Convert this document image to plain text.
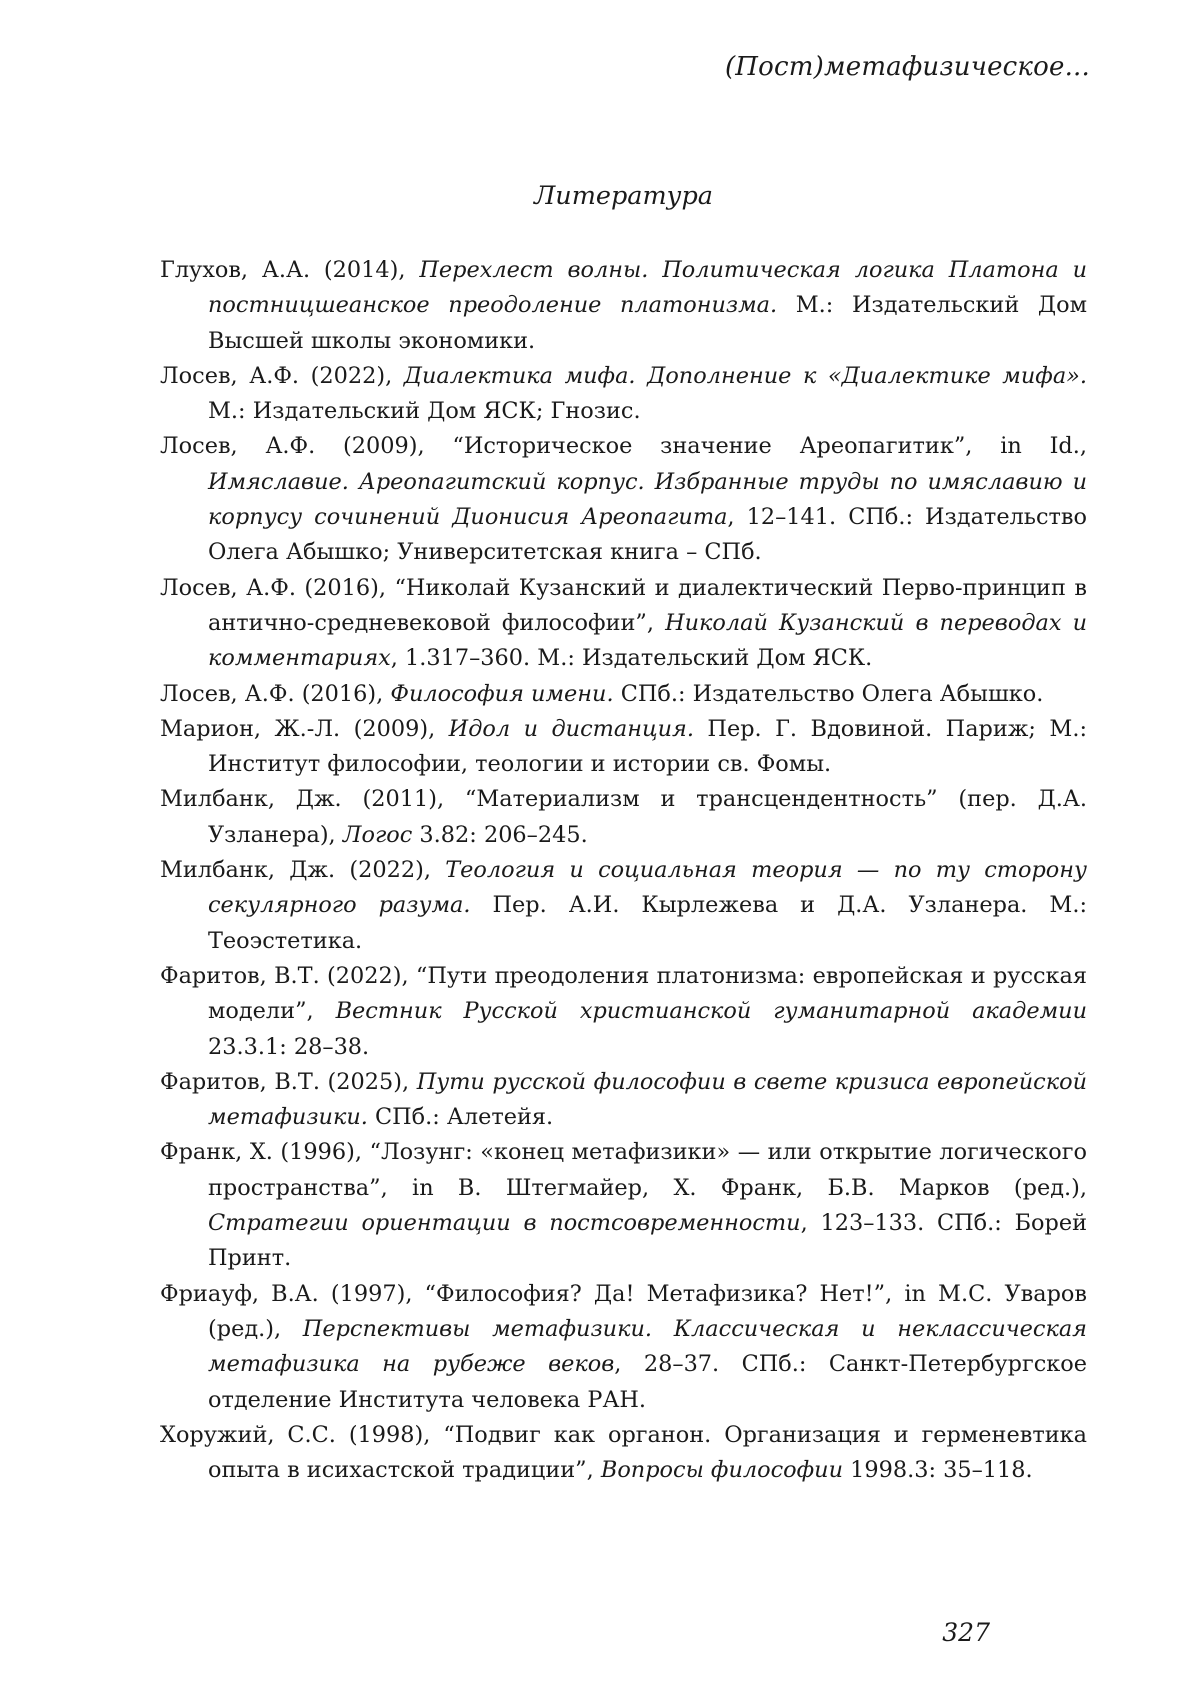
(Пост)метафизическое...
Литература
Глухов, А.А. (2014), Перехлест волны. Политическая логика Платона и постницшеанское преодоление платонизма. М.: Издательский Дом Высшей школы экономики.
Лосев, А.Ф. (2022), Диалектика мифа. Дополнение к «Диалектике мифа». М.: Издательский Дом ЯСК; Гнозис.
Лосев, А.Ф. (2009), “Историческое значение Ареопагитик”, in Id., Имяславие. Ареопагитский корпус. Избранные труды по имяславию и корпусу сочинений Дионисия Ареопагита, 12–141. СПб.: Издательство Олега Абышко; Университетская книга – СПб.
Лосев, А.Ф. (2016), “Николай Кузанский и диалектический Перво-принцип в антично-средневековой философии”, Николай Кузанский в переводах и комментариях, 1.317–360. М.: Издательский Дом ЯСК.
Лосев, А.Ф. (2016), Философия имени. СПб.: Издательство Олега Абышко.
Марион, Ж.-Л. (2009), Идол и дистанция. Пер. Г. Вдовиной. Париж; М.: Институт философии, теологии и истории св. Фомы.
Милбанк, Дж. (2011), “Материализм и трансцендентность” (пер. Д.А. Узланера), Логос 3.82: 206–245.
Милбанк, Дж. (2022), Теология и социальная теория — по ту сторону секулярного разума. Пер. А.И. Кырлежева и Д.А. Узланера. М.: Теоэстетика.
Фаритов, В.Т. (2022), “Пути преодоления платонизма: европейская и русская модели”, Вестник Русской христианской гуманитарной академии 23.3.1: 28–38.
Фаритов, В.Т. (2025), Пути русской философии в свете кризиса европейской метафизики. СПб.: Алетейя.
Франк, Х. (1996), “Лозунг: «конец метафизики» — или открытие логического пространства”, in В. Штегмайер, Х. Франк, Б.В. Марков (ред.), Стратегии ориентации в постсовременности, 123–133. СПб.: Борей Принт.
Фриауф, В.А. (1997), “Философия? Да! Метафизика? Нет!”, in М.С. Уваров (ред.), Перспективы метафизики. Классическая и неклассическая метафизика на рубеже веков, 28–37. СПб.: Санкт-Петербургское отделение Института человека РАН.
Хоружий, С.С. (1998), “Подвиг как органон. Организация и герменевтика опыта в исихастской традиции”, Вопросы философии 1998.3: 35–118.
327
